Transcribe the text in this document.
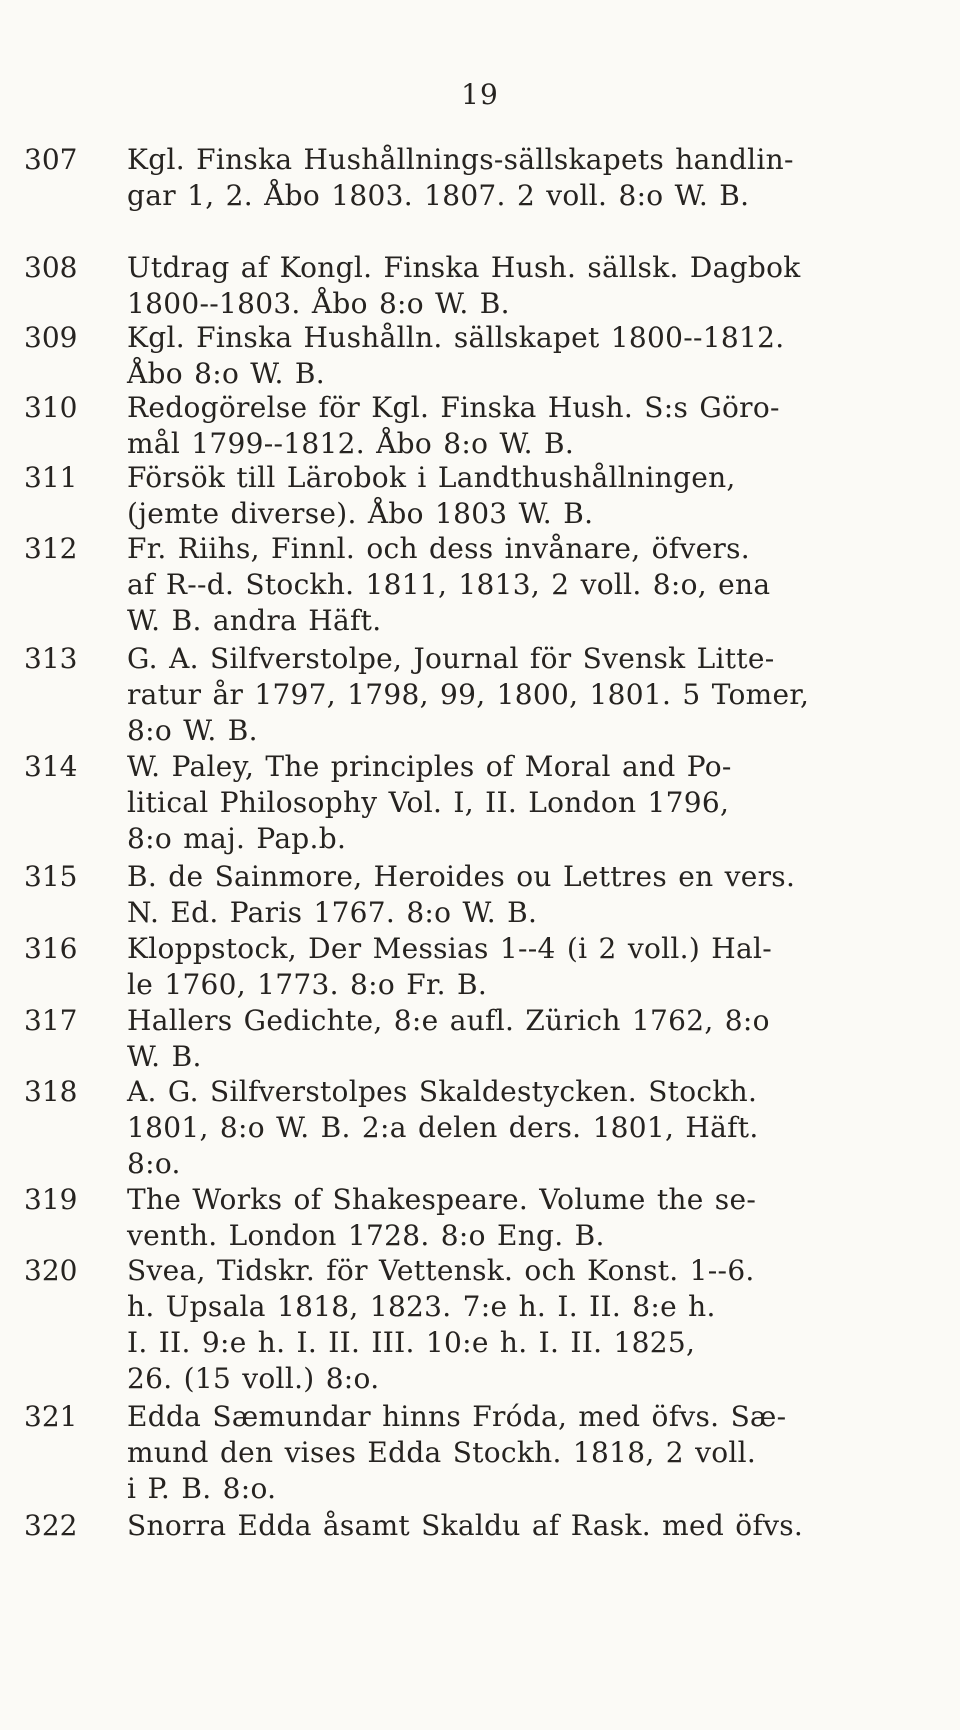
19
307 Kgl. Finska Hushållnings-sällskapets handlin-
gar 1, 2. Åbo 1803. 1807. 2 voll. 8:o W. B.
308 Utdrag af Kongl. Finska Hush. sällsk. Dagbok
1800--1803. Åbo 8:o W. B.
309 Kgl. Finska Hushålln. sällskapet 1800--1812.
Åbo 8:o W. B.
310 Redogörelse för Kgl. Finska Hush. S:s Göro-
mål 1799--1812. Åbo 8:o W. B.
311 Försök till Lärobok i Landthushållningen,
(jemte diverse). Åbo 1803 W. B.
312 Fr. Riihs, Finnl. och dess invånare, öfvers.
af R--d. Stockh. 1811, 1813, 2 voll. 8:o, ena
W. B. andra Häft.
313 G. A. Silfverstolpe, Journal för Svensk Litte-
ratur år 1797, 1798, 99, 1800, 1801. 5 Tomer,
8:o W. B.
314 W. Paley, The principles of Moral and Po-
litical Philosophy Vol. I, II. London 1796,
8:o maj. Pap.b.
315 B. de Sainmore, Heroides ou Lettres en vers.
N. Ed. Paris 1767. 8:o W. B.
316 Kloppstock, Der Messias 1--4 (i 2 voll.) Hal-
le 1760, 1773. 8:o Fr. B.
317 Hallers Gedichte, 8:e aufl. Zürich 1762, 8:o
W. B.
318 A. G. Silfverstolpes Skaldestycken. Stockh.
1801, 8:o W. B. 2:a delen ders. 1801, Häft.
8:o.
319 The Works of Shakespeare. Volume the se-
venth. London 1728. 8:o Eng. B.
320 Svea, Tidskr. för Vettensk. och Konst. 1--6.
h. Upsala 1818, 1823. 7:e h. I. II. 8:e h.
I. II. 9:e h. I. II. III. 10:e h. I. II. 1825,
26. (15 voll.) 8:o.
321 Edda Sæmundar hinns Fróda, med öfvs. Sæ-
mund den vises Edda Stockh. 1818, 2 voll.
i P. B. 8:o.
322 Snorra Edda åsamt Skaldu af Rask. med öfvs.
